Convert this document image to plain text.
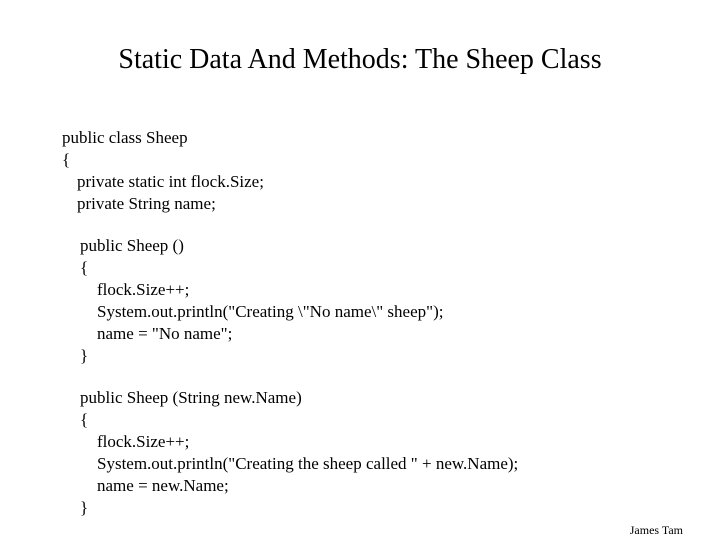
Static Data And Methods: The Sheep Class
public class Sheep
{
private static int flock.Size;
private String name;
public Sheep ()
{
flock.Size++;
System.out.println("Creating \"No name\" sheep");
name = "No name";
}
public Sheep (String new.Name)
{
flock.Size++;
System.out.println("Creating the sheep called " + new.Name);
name = new.Name;
}
James Tam
